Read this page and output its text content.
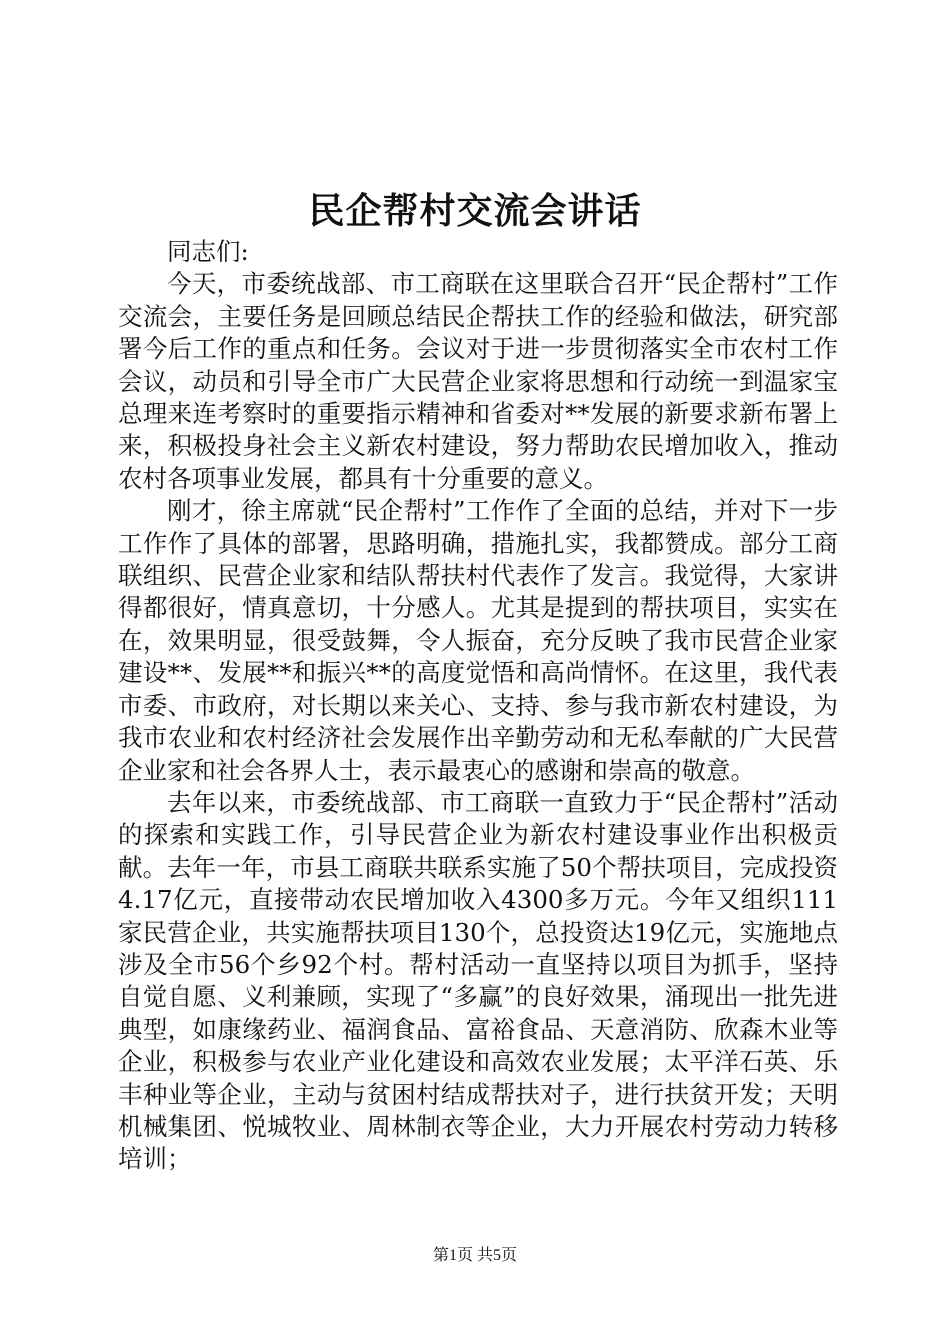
民企帮村交流会讲话

同志们:

今天，市委统战部、市工商联在这里联合召开“民企帮村”工作交流会，主要任务是回顾总结民企帮扶工作的经验和做法，研究部署今后工作的重点和任务。会议对于进一步贯彻落实全市农村工作会议，动员和引导全市广大民营企业家将思想和行动统一到温家宝总理来连考察时的重要指示精神和省委对**发展的新要求新布署上来，积极投身社会主义新农村建设，努力帮助农民增加收入，推动农村各项事业发展，都具有十分重要的意义。

刚才，徐主席就“民企帮村”工作作了全面的总结，并对下一步工作作了具体的部署，思路明确，措施扎实，我都赞成。部分工商联组织、民营企业家和结队帮扶村代表作了发言。我觉得，大家讲得都很好，情真意切，十分感人。尤其是提到的帮扶项目，实实在在，效果明显，很受鼓舞，令人振奋，充分反映了我市民营企业家建设**、发展**和振兴**的高度觉悟和高尚情怀。在这里，我代表市委、市政府，对长期以来关心、支持、参与我市新农村建设，为我市农业和农村经济社会发展作出辛勤劳动和无私奉献的广大民营企业家和社会各界人士，表示最衷心的感谢和崇高的敬意。

去年以来，市委统战部、市工商联一直致力于“民企帮村”活动的探索和实践工作，引导民营企业为新农村建设事业作出积极贡献。去年一年，市县工商联共联系实施了50个帮扶项目，完成投资4.17亿元，直接带动农民增加收入4300多万元。今年又组织111家民营企业，共实施帮扶项目130个，总投资达19亿元，实施地点涉及全市56个乡92个村。帮村活动一直坚持以项目为抓手，坚持自觉自愿、义利兼顾，实现了“多赢”的良好效果，涌现出一批先进典型，如康缘药业、福润食品、富裕食品、天意消防、欣森木业等企业，积极参与农业产业化建设和高效农业发展；太平洋石英、乐丰种业等企业，主动与贫困村结成帮扶对子，进行扶贫开发；天明机械集团、悦城牧业、周林制衣等企业，大力开展农村劳动力转移培训；

第1页 共5页
